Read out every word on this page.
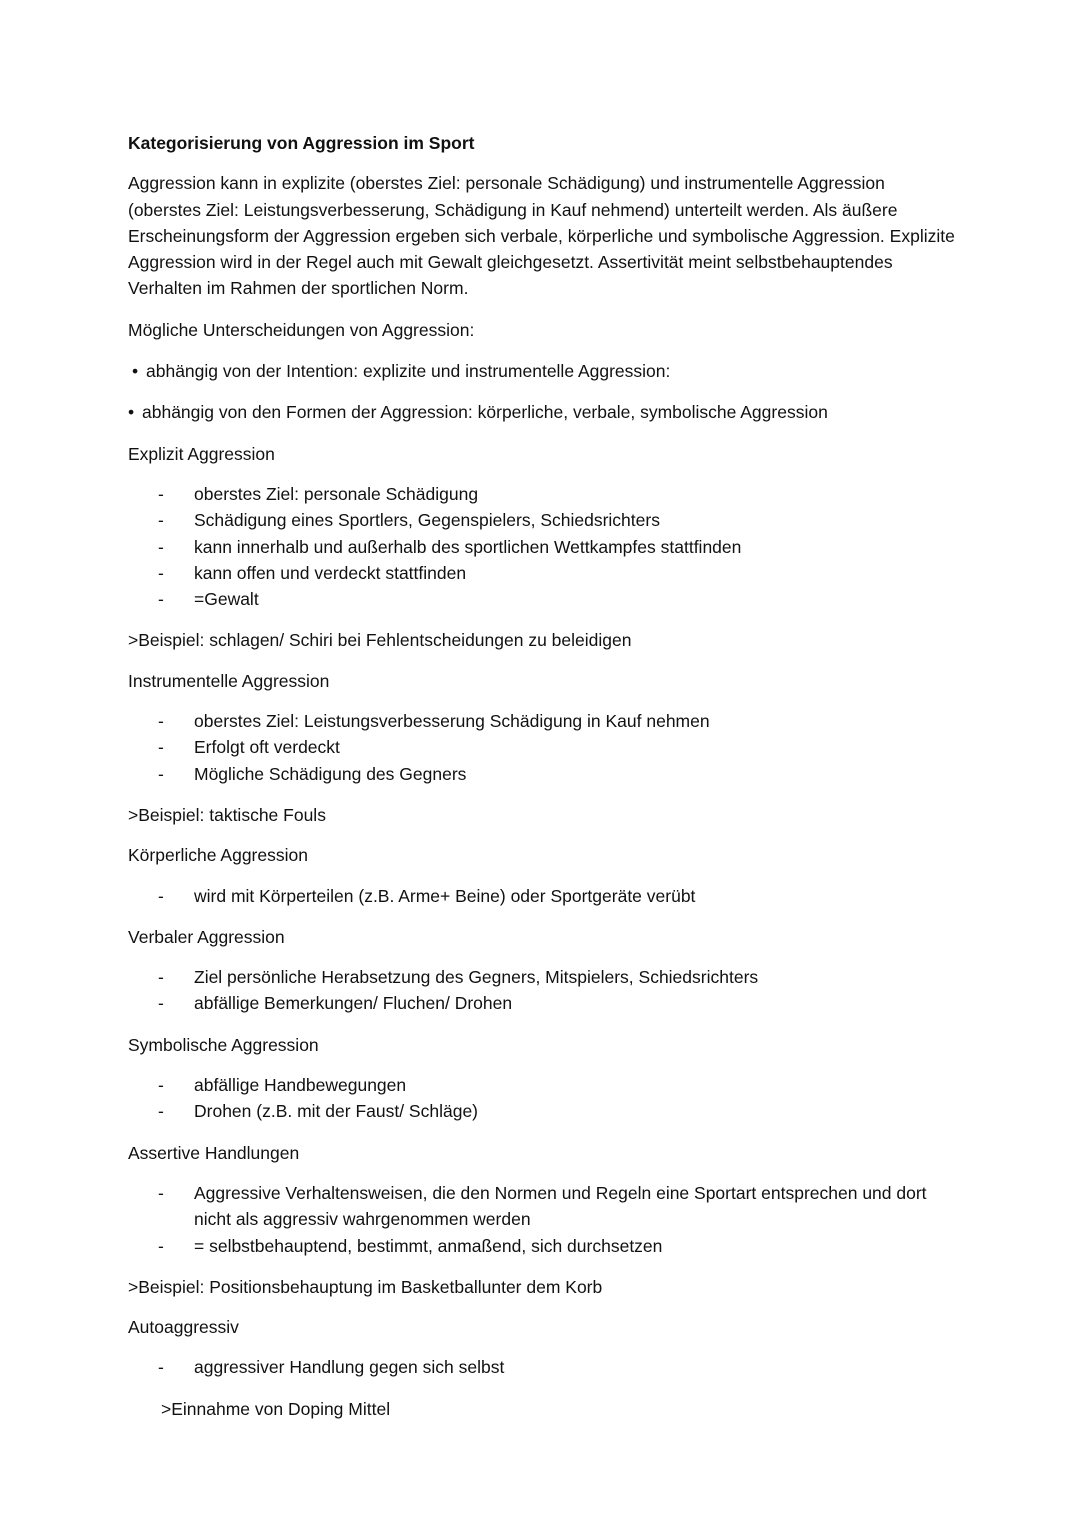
Kategorisierung von Aggression im Sport
Aggression kann in explizite (oberstes Ziel: personale Schädigung) und instrumentelle Aggression (oberstes Ziel: Leistungsverbesserung, Schädigung in Kauf nehmend) unterteilt werden. Als äußere Erscheinungsform der Aggression ergeben sich verbale, körperliche und symbolische Aggression. Explizite Aggression wird in der Regel auch mit Gewalt gleichgesetzt. Assertivität meint selbstbehauptendes Verhalten im Rahmen der sportlichen Norm.
Mögliche Unterscheidungen von Aggression:
• abhängig von der Intention: explizite und instrumentelle Aggression:
• abhängig von den Formen der Aggression: körperliche, verbale, symbolische Aggression
Explizit Aggression
- oberstes Ziel: personale Schädigung
- Schädigung eines Sportlers, Gegenspielers, Schiedsrichters
- kann innerhalb und außerhalb des sportlichen Wettkampfes stattfinden
- kann offen und verdeckt stattfinden
- =Gewalt
>Beispiel: schlagen/ Schiri bei Fehlentscheidungen zu beleidigen
Instrumentelle Aggression
- oberstes Ziel: Leistungsverbesserung Schädigung in Kauf nehmen
- Erfolgt oft verdeckt
- Mögliche Schädigung des Gegners
>Beispiel: taktische Fouls
Körperliche Aggression
- wird mit Körperteilen (z.B. Arme+ Beine) oder Sportgeräte verübt
Verbaler Aggression
- Ziel persönliche Herabsetzung des Gegners, Mitspielers, Schiedsrichters
- abfällige Bemerkungen/ Fluchen/ Drohen
Symbolische Aggression
- abfällige Handbewegungen
- Drohen (z.B. mit der Faust/ Schläge)
Assertive Handlungen
- Aggressive Verhaltensweisen, die den Normen und Regeln eine Sportart entsprechen und dort nicht als aggressiv wahrgenommen werden
- = selbstbehauptend, bestimmt, anmaßend, sich durchsetzen
>Beispiel: Positionsbehauptung im Basketballunter dem Korb
Autoaggressiv
- aggressiver Handlung gegen sich selbst
>Einnahme von Doping Mittel
